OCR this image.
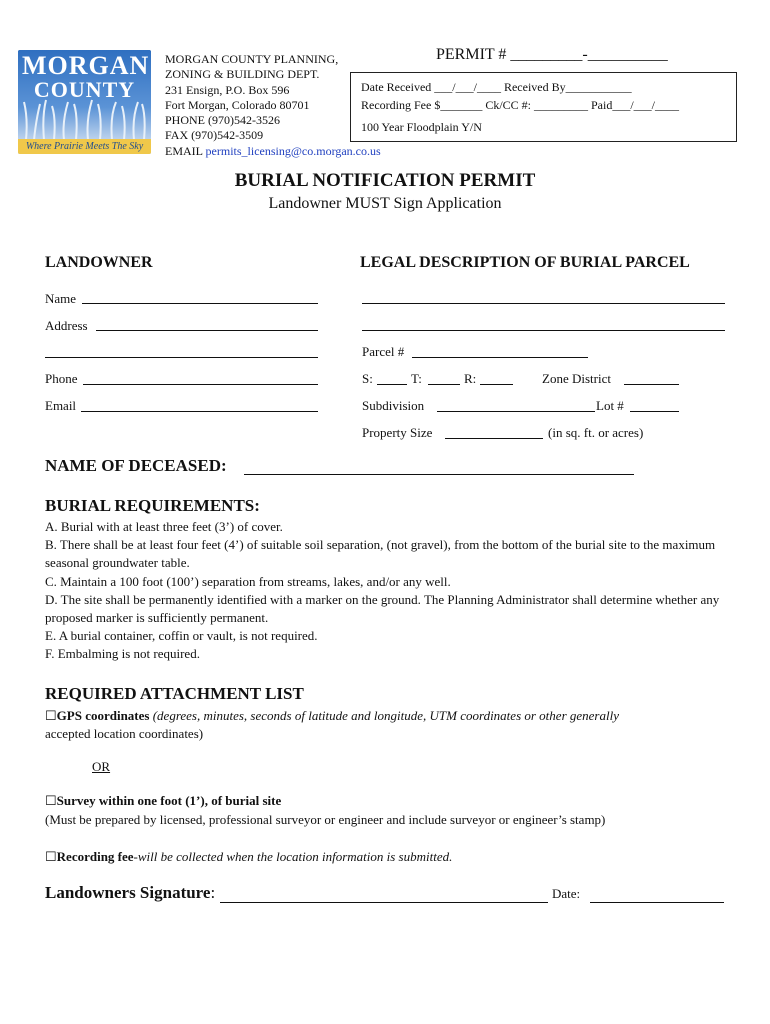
MORGAN
COUNTY
Where Prairie Meets The Sky
MORGAN COUNTY PLANNING,
ZONING & BUILDING DEPT.
231 Ensign, P.O. Box 596
Fort Morgan, Colorado 80701
PHONE (970)542-3526
FAX (970)542-3509
EMAIL permits_licensing@co.morgan.co.us
PERMIT # _________-__________
Date Received ___/___/____ Received By___________
Recording Fee $_______ Ck/CC #: _________ Paid___/___/____
100 Year Floodplain Y/N
BURIAL NOTIFICATION PERMIT
Landowner MUST Sign Application
LANDOWNER	LEGAL DESCRIPTION OF BURIAL PARCEL
Name
Address
Phone
Email
Parcel #
S:	T:	R:	Zone District
Subdivision	Lot #
Property Size	(in sq. ft. or acres)
NAME OF DECEASED:
BURIAL REQUIREMENTS:
A. Burial with at least three feet (3’) of cover.
B. There shall be at least four feet (4’) of suitable soil separation, (not gravel), from the bottom of the burial site to the maximum seasonal groundwater table.
C. Maintain a 100 foot (100’) separation from streams, lakes, and/or any well.
D. The site shall be permanently identified with a marker on the ground. The Planning Administrator shall determine whether any proposed marker is sufficiently permanent.
E. A burial container, coffin or vault, is not required.
F. Embalming is not required.
REQUIRED ATTACHMENT LIST
☐GPS coordinates (degrees, minutes, seconds of latitude and longitude, UTM coordinates or other generally
accepted location coordinates)
OR
☐Survey within one foot (1’), of burial site
(Must be prepared by licensed, professional surveyor or engineer and include surveyor or engineer’s stamp)
☐Recording fee-will be collected when the location information is submitted.
Landowners Signature:	Date:
